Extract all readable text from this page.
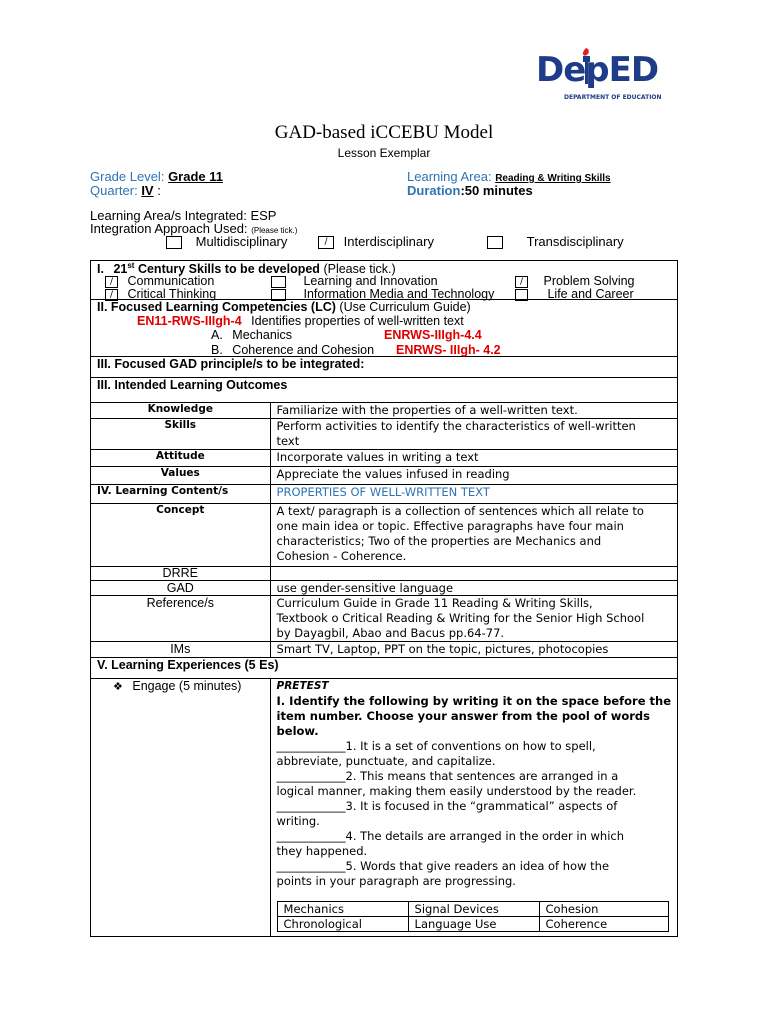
DepED
DEPARTMENT OF EDUCATION
GAD-based iCCEBU Model
Lesson Exemplar
Grade Level: Grade 11
Quarter: IV :
Learning Area: Reading & Writing Skills
Duration:50 minutes
Learning Area/s Integrated: ESP
Integration Approach Used: (Please tick.)
Multidisciplinary	/ Interdisciplinary	Transdisciplinary
I. 21st Century Skills to be developed (Please tick.)
/ Communication	Learning and Innovation	/ Problem Solving
/ Critical Thinking	Information Media and Technology	Life and Career

II. Focused Learning Competencies (LC) (Use Curriculum Guide)
EN11-RWS-IIIgh-4 Identifies properties of well-written text
A. Mechanics	ENRWS-IIIgh-4.4
B. Coherence and Cohesion ENRWS- IIIgh- 4.2

III. Focused GAD principle/s to be integrated:
III. Intended Learning Outcomes
Knowledge	Familiarize with the properties of a well-written text.
Skills	Perform activities to identify the characteristics of well-written
text

Attitude	Incorporate values in writing a text
Values	Appreciate the values infused in reading
IV. Learning Content/s	PROPERTIES OF WELL-WRITTEN TEXT
Concept	A text/ paragraph is a collection of sentences which all relate to
one main idea or topic. Effective paragraphs have four main
characteristics; Two of the properties are Mechanics and
Cohesion - Coherence.

DRRE	
GAD	use gender-sensitive language
Reference/s	Curriculum Guide in Grade 11 Reading & Writing Skills,
Textbook o Critical Reading & Writing for the Senior High School
by Dayagbil, Abao and Bacus pp.64-77.

IMs	Smart TV, Laptop, PPT on the topic, pictures, photocopies
V. Learning Experiences (5 Es)
❖ Engage (5 minutes)	PRETEST
I. Identify the following by writing it on the space before the
item number. Choose your answer from the pool of words
below.
____________1. It is a set of conventions on how to spell,
abbreviate, punctuate, and capitalize.
____________2. This means that sentences are arranged in a
logical manner, making them easily understood by the reader.
____________3. It is focused in the “grammatical” aspects of
writing.
____________4. The details are arranged in the order in which
they happened.
____________5. Words that give readers an idea of how the
points in your paragraph are progressing.
Mechanics	Signal Devices	Cohesion
Chronological	Language Use	Coherence
